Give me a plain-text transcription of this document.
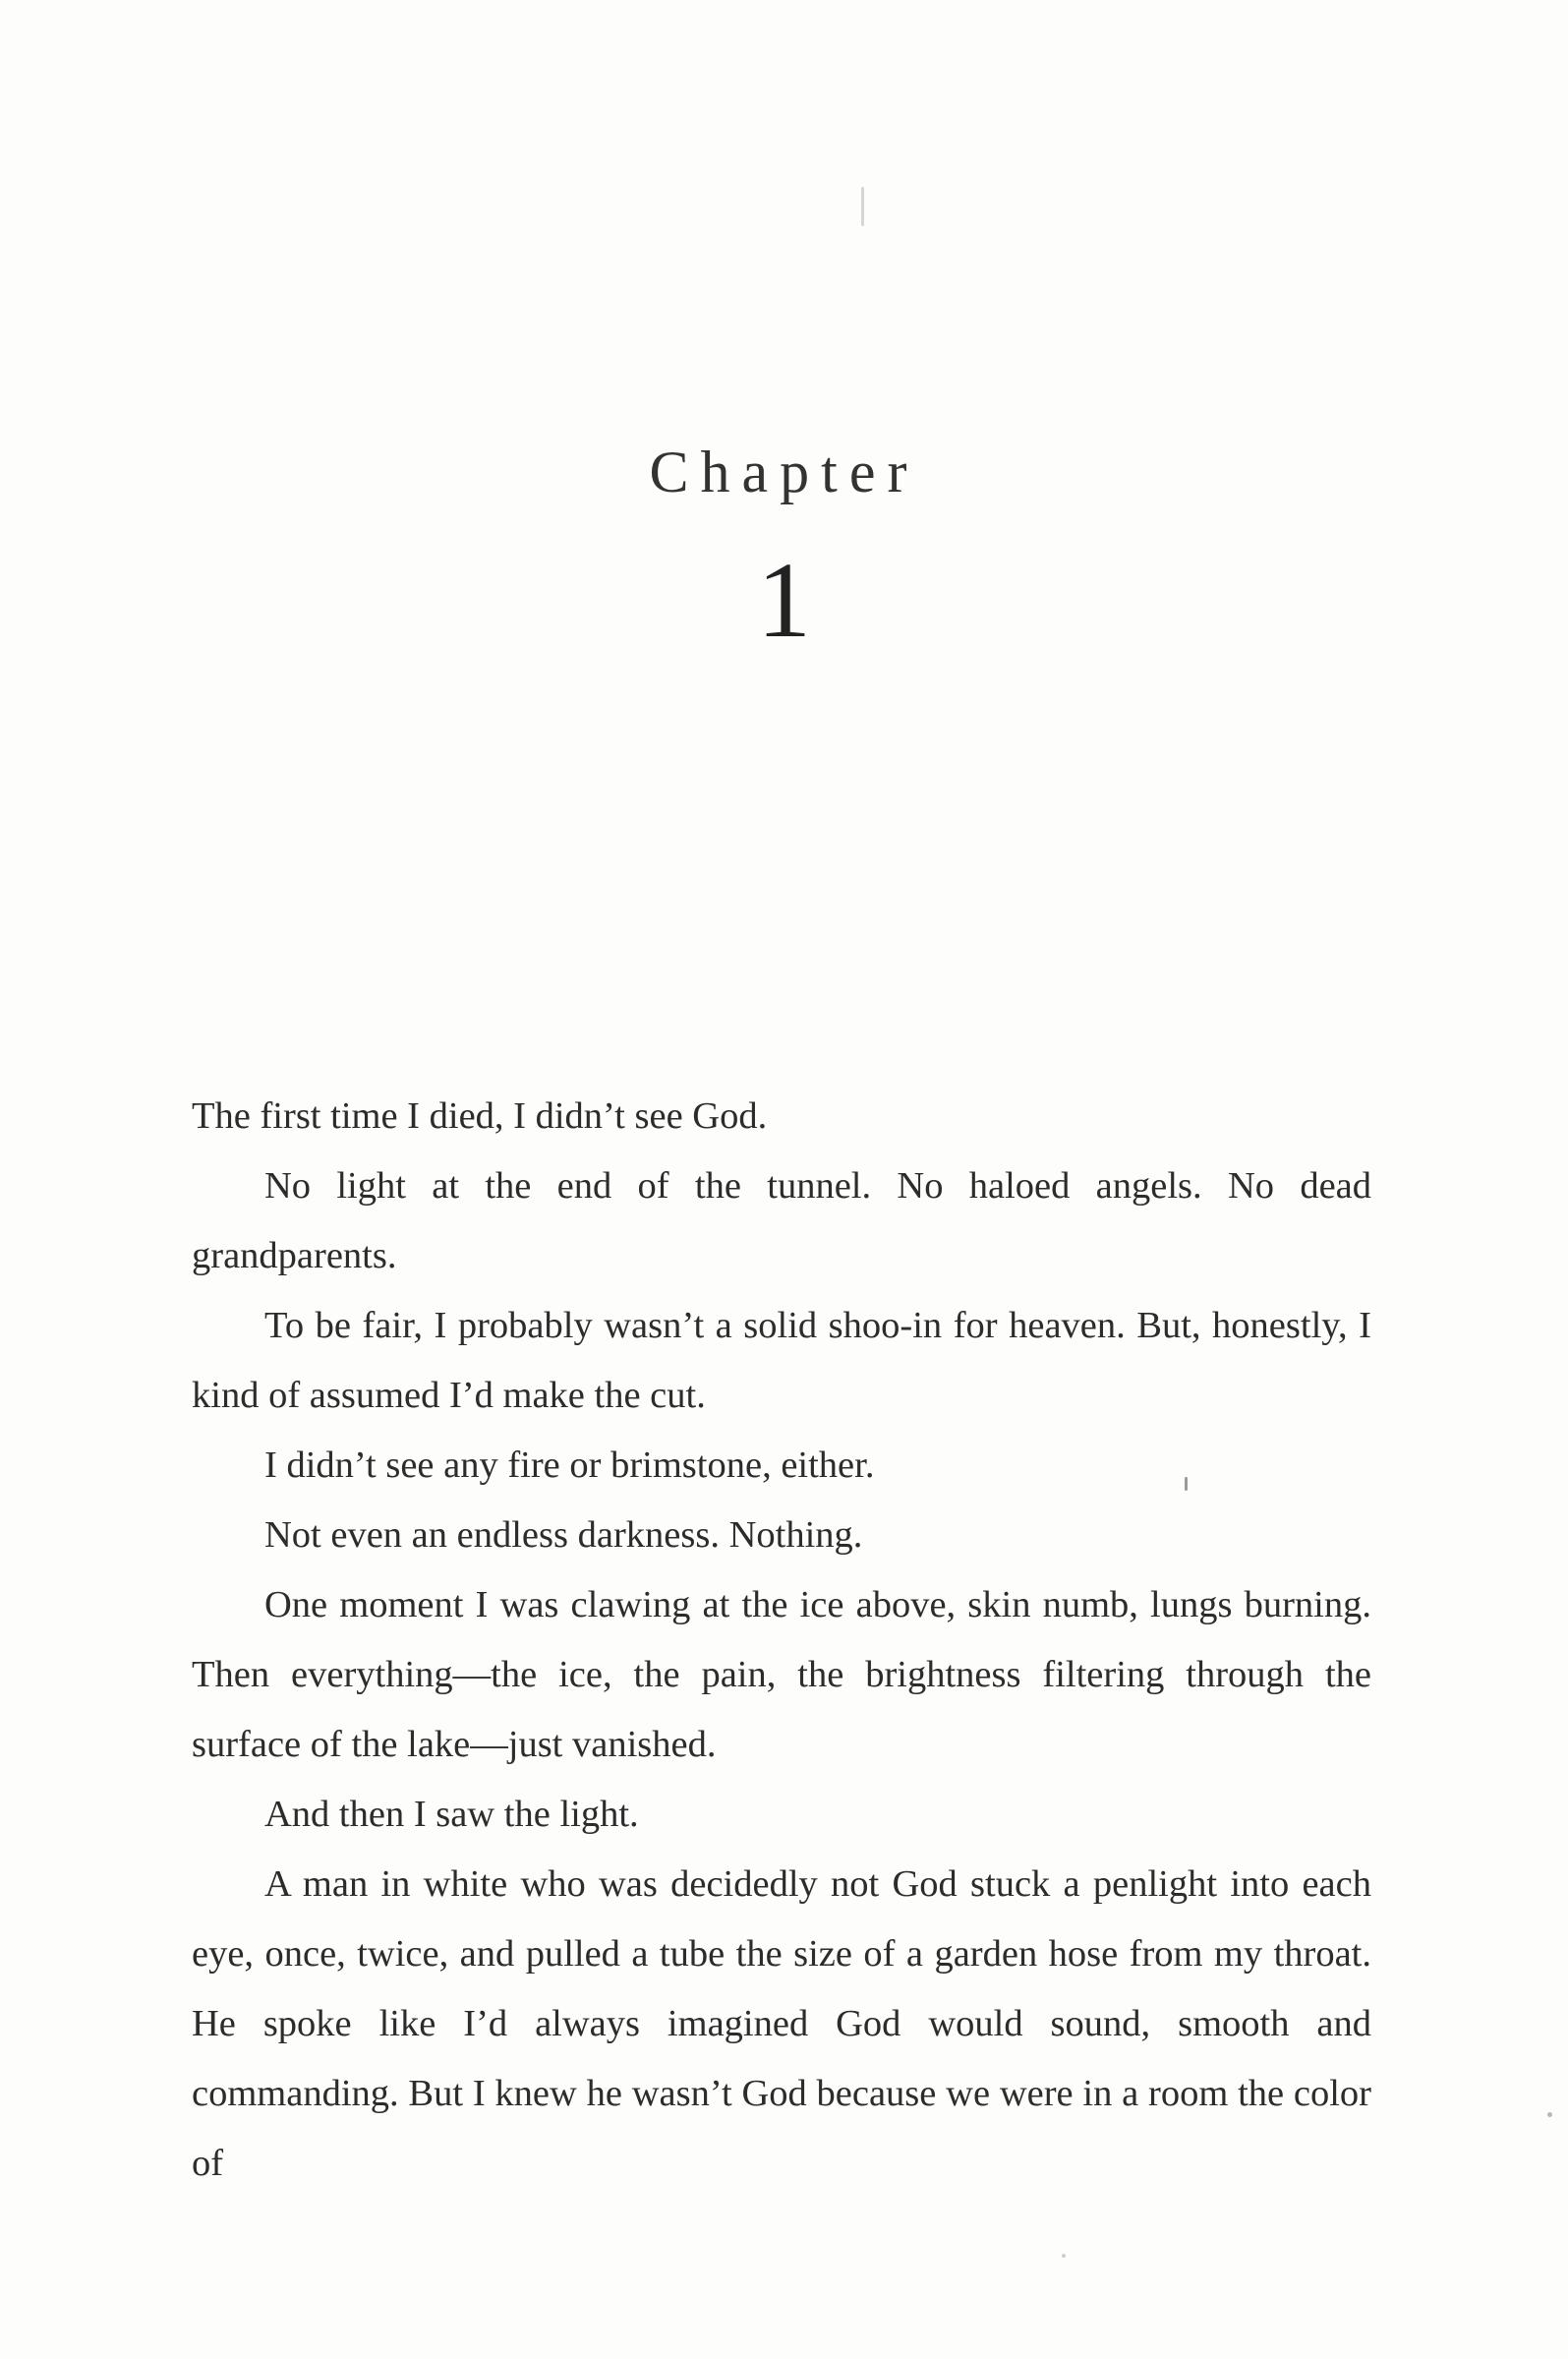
Chapter
1

The first time I died, I didn’t see God.

No light at the end of the tunnel. No haloed angels. No dead grandparents.

To be fair, I probably wasn’t a solid shoo-in for heaven. But, honestly, I kind of assumed I’d make the cut.

I didn’t see any fire or brimstone, either.

Not even an endless darkness. Nothing.

One moment I was clawing at the ice above, skin numb, lungs burning. Then everything—the ice, the pain, the brightness filtering through the surface of the lake—just vanished.

And then I saw the light.

A man in white who was decidedly not God stuck a penlight into each eye, once, twice, and pulled a tube the size of a garden hose from my throat. He spoke like I’d always imagined God would sound, smooth and commanding. But I knew he wasn’t God because we were in a room the color of
